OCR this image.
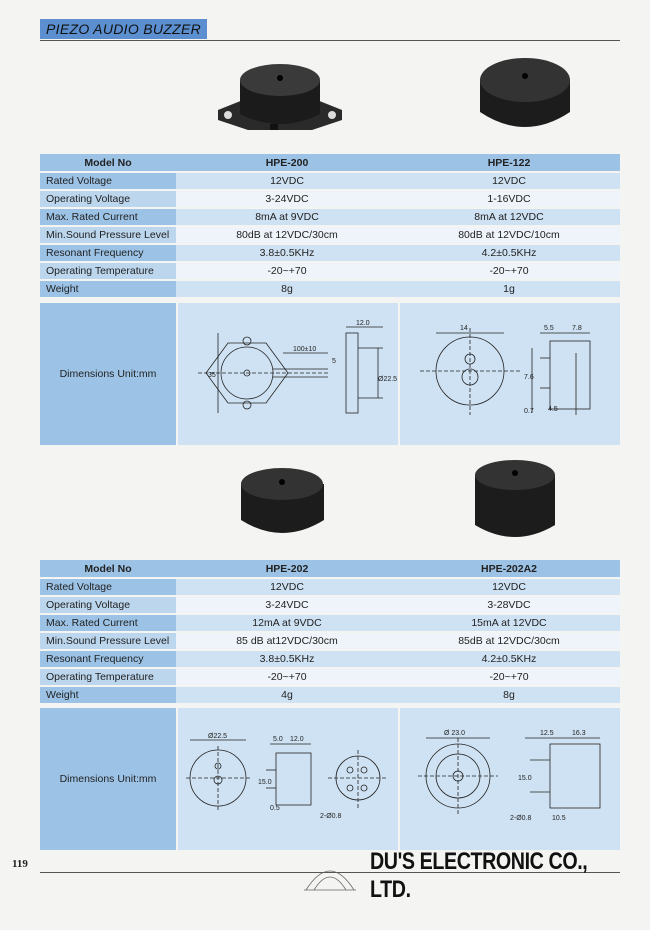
PIEZO AUDIO BUZZER
Model No	HPE-200	HPE-122
Rated Voltage	12VDC	12VDC
Operating Voltage	3-24VDC	1-16VDC
Max. Rated Current	8mA at 9VDC	8mA at 12VDC
Min.Sound Pressure Level	80dB at 12VDC/30cm	80dB at 12VDC/10cm
Resonant Frequency	3.8±0.5KHz	4.2±0.5KHz
Operating Temperature	-20~+70	-20~+70
Weight	8g	1g
Dimensions Unit:mm
12.0
100±10
35
Ø22.5
5
14	5.5	7.8
7.6
0.7 4.5
Model No	HPE-202	HPE-202A2
Rated Voltage	12VDC	12VDC
Operating Voltage	3-24VDC	3-28VDC
Max. Rated Current	12mA at 9VDC	15mA at 12VDC
Min.Sound Pressure Level	85 dB at12VDC/30cm	85dB at 12VDC/30cm
Resonant Frequency	3.8±0.5KHz	4.2±0.5KHz
Operating Temperature	-20~+70	-20~+70
Weight	4g	8g
Dimensions Unit:mm
Ø22.5	5.0 12.0
15.0
0.5
2-Ø0.8
Ø 23.0	12.5	16.3
15.0
2-Ø0.8	10.5
119	DU'S ELECTRONIC CO., LTD.
